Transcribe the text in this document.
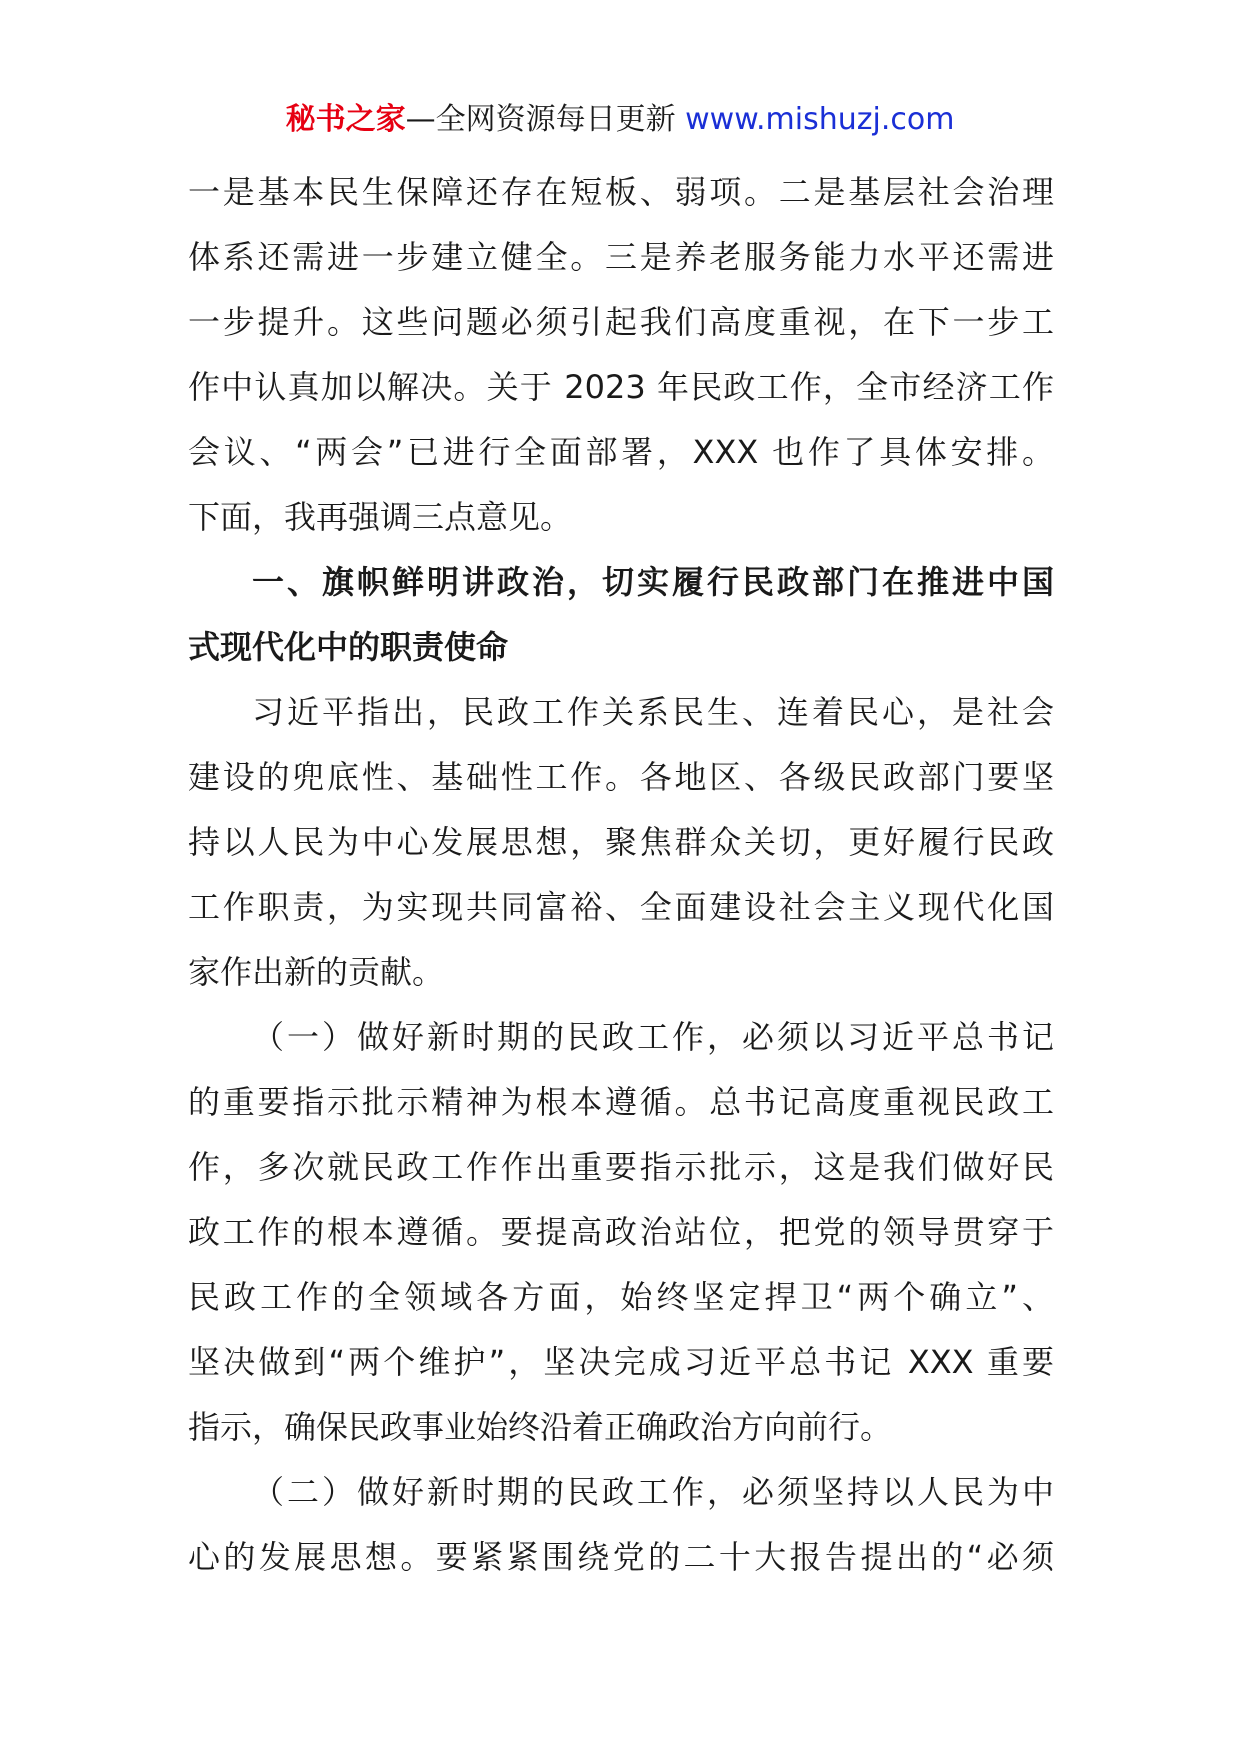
秘书之家—全网资源每日更新 www.mishuzj.com
一是基本民生保障还存在短板、弱项。二是基层社会治理
体系还需进一步建立健全。三是养老服务能力水平还需进
一步提升。这些问题必须引起我们高度重视，在下一步工
作中认真加以解决。关于 2023 年民政工作，全市经济工作
会议、“两会”已进行全面部署，XXX 也作了具体安排。
下面，我再强调三点意见。
一、旗帜鲜明讲政治，切实履行民政部门在推进中国
式现代化中的职责使命
习近平指出，民政工作关系民生、连着民心，是社会
建设的兜底性、基础性工作。各地区、各级民政部门要坚
持以人民为中心发展思想，聚焦群众关切，更好履行民政
工作职责，为实现共同富裕、全面建设社会主义现代化国
家作出新的贡献。
（一）做好新时期的民政工作，必须以习近平总书记
的重要指示批示精神为根本遵循。总书记高度重视民政工
作，多次就民政工作作出重要指示批示，这是我们做好民
政工作的根本遵循。要提高政治站位，把党的领导贯穿于
民政工作的全领域各方面，始终坚定捍卫“两个确立”、
坚决做到“两个维护”，坚决完成习近平总书记 XXX 重要
指示，确保民政事业始终沿着正确政治方向前行。
（二）做好新时期的民政工作，必须坚持以人民为中
心的发展思想。要紧紧围绕党的二十大报告提出的“必须
